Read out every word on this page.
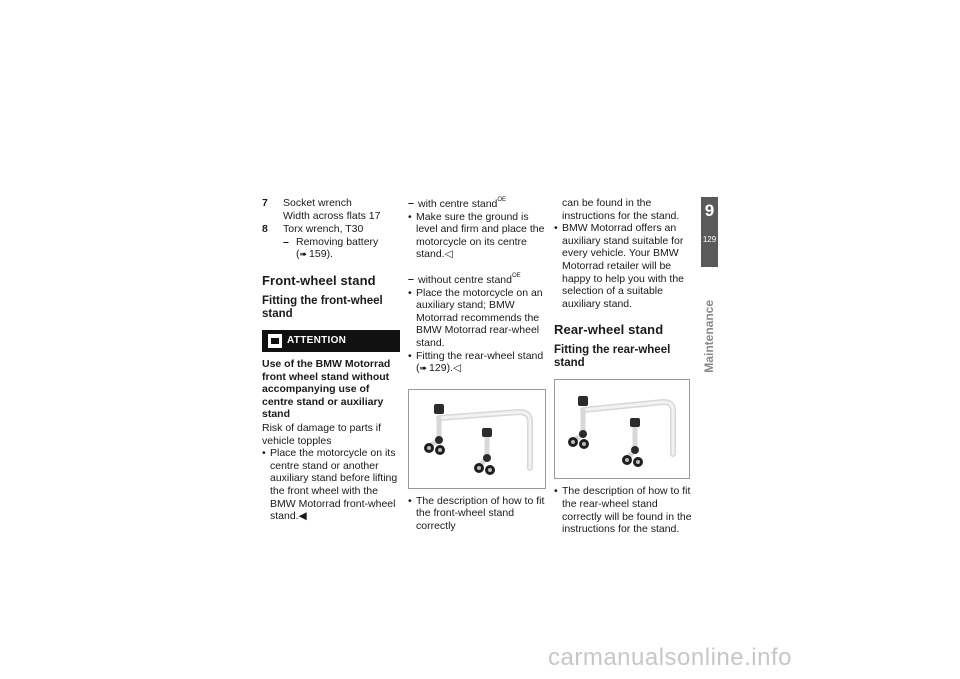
7 Socket wrench
Width across flats 17
8 Torx wrench, T30
– Removing battery
(➠ 159).
Front-wheel stand
Fitting the front-wheel stand
ATTENTION
Use of the BMW Motorrad front wheel stand without accompanying use of centre stand or auxiliary stand
Risk of damage to parts if vehicle topples
• Place the motorcycle on its centre stand or another auxiliary stand before lifting the front wheel with the BMW Motorrad front-wheel stand.◀
– with centre stand$^{OE}$
• Make sure the ground is level and firm and place the motorcycle on its centre stand.◁
– without centre stand$^{OE}$
• Place the motorcycle on an auxiliary stand; BMW Motorrad recommends the BMW Motorrad rear-wheel stand.
• Fitting the rear-wheel stand
(➠ 129).◁
• The description of how to fit the front-wheel stand correctly
can be found in the instructions for the stand.
• BMW Motorrad offers an auxiliary stand suitable for every vehicle. Your BMW Motorrad retailer will be happy to help you with the selection of a suitable auxiliary stand.
Rear-wheel stand
Fitting the rear-wheel stand
• The description of how to fit the rear-wheel stand correctly will be found in the instructions for the stand.
9
129
Maintenance
carmanualsonline.info
